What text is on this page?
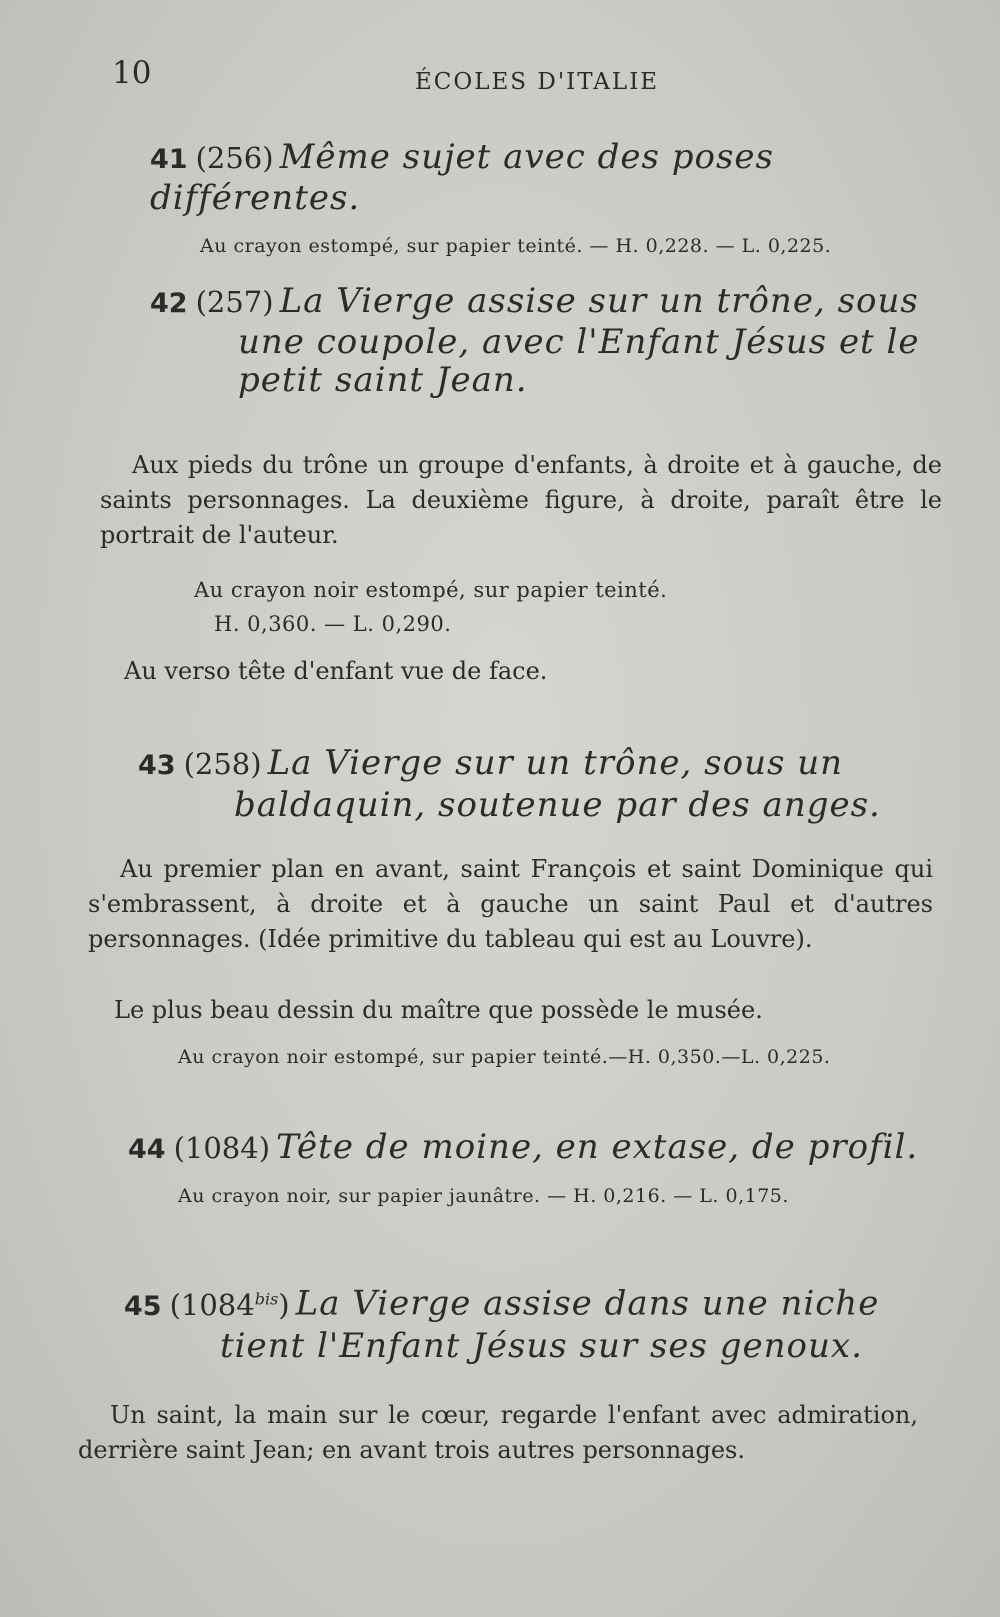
10	ÉCOLES D'ITALIE
41 (256) Même sujet avec des poses différentes.

Au crayon estompé, sur papier teinté. — H. 0,228. — L. 0,225.

42 (257) La Vierge assise sur un trône, sous
une coupole, avec l'Enfant Jésus et le
petit saint Jean.

Aux pieds du trône un groupe d'enfants, à droite et à gauche, de saints personnages. La deuxième figure, à droite, paraît être le portrait de l'auteur.

Au crayon noir estompé, sur papier teinté.

H. 0,360. — L. 0,290.

Au verso tête d'enfant vue de face.

43 (258) La Vierge sur un trône, sous un
baldaquin, soutenue par des anges.

Au premier plan en avant, saint François et saint Dominique qui s'embrassent, à droite et à gauche un saint Paul et d'autres personnages. (Idée primitive du tableau qui est au Louvre).

Le plus beau dessin du maître que possède le musée.

Au crayon noir estompé, sur papier teinté.—H. 0,350.—L. 0,225.

44 (1084) Tête de moine, en extase, de profil.

Au crayon noir, sur papier jaunâtre. — H. 0,216. — L. 0,175.

45 $(1084^{bis})$ La Vierge assise dans une niche
tient l'Enfant Jésus sur ses genoux.

Un saint, la main sur le cœur, regarde l'enfant avec admiration, derrière saint Jean; en avant trois autres personnages.
